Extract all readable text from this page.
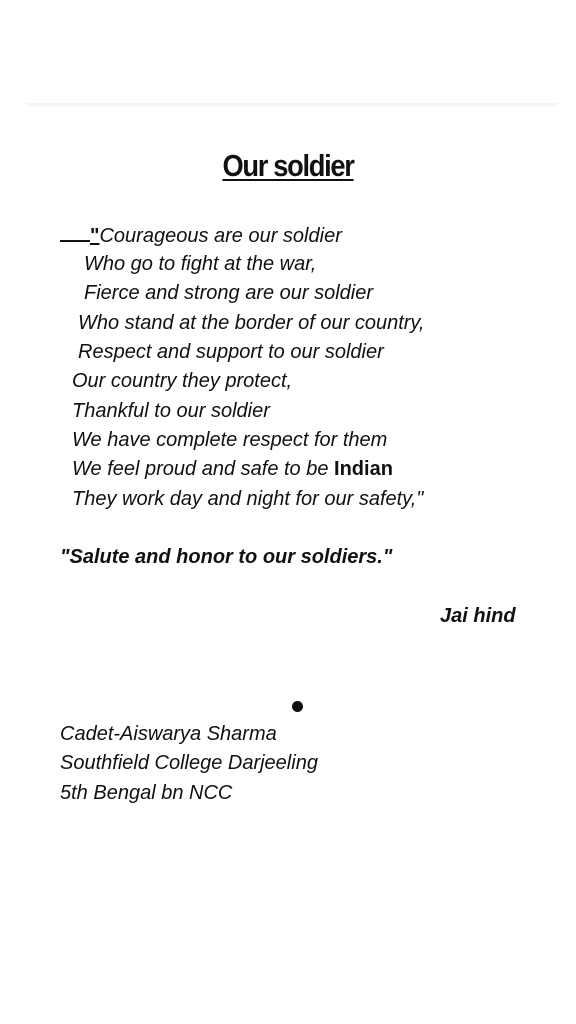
Our soldier
"Courageous are our soldier
Who go to fight at the war,
Fierce and strong are our soldier
Who stand at the border of our country,
Respect and support to our soldier
Our country they protect,
Thankful to our soldier
We have complete respect for them
We feel proud and safe to be Indian
They work day and night for our safety,"
"Salute and honor to our soldiers."
Jai hind
Cadet-Aiswarya Sharma
Southfield College Darjeeling
5th Bengal bn NCC
